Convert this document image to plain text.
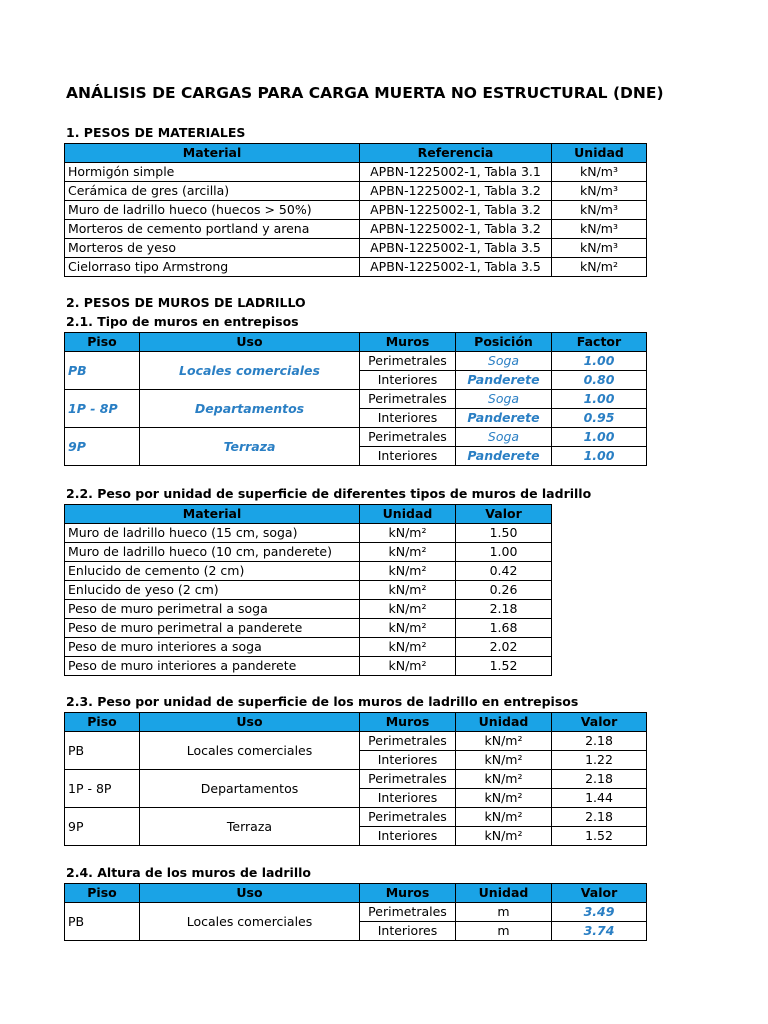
ANÁLISIS DE CARGAS PARA CARGA MUERTA NO ESTRUCTURAL (DNE)
1. PESOS DE MATERIALES
Material	Referencia	Unidad
Hormigón simple	APBN-1225002-1, Tabla 3.1	kN/m³
Cerámica de gres (arcilla)	APBN-1225002-1, Tabla 3.2	kN/m³
Muro de ladrillo hueco (huecos > 50%)	APBN-1225002-1, Tabla 3.2	kN/m³
Morteros de cemento portland y arena	APBN-1225002-1, Tabla 3.2	kN/m³
Morteros de yeso	APBN-1225002-1, Tabla 3.5	kN/m³
Cielorraso tipo Armstrong	APBN-1225002-1, Tabla 3.5	kN/m²
2. PESOS DE MUROS DE LADRILLO
2.1. Tipo de muros en entrepisos
Piso	Uso	Muros	Posición	Factor
PB	Locales comerciales	Perimetrales	Soga	1.00
		Interiores	Panderete	0.80
1P - 8P	Departamentos	Perimetrales	Soga	1.00
		Interiores	Panderete	0.95
9P	Terraza	Perimetrales	Soga	1.00
		Interiores	Panderete	1.00
2.2. Peso por unidad de superficie de diferentes tipos de muros de ladrillo
Material	Unidad	Valor
Muro de ladrillo hueco (15 cm, soga)	kN/m²	1.50
Muro de ladrillo hueco (10 cm, panderete)	kN/m²	1.00
Enlucido de cemento (2 cm)	kN/m²	0.42
Enlucido de yeso (2 cm)	kN/m²	0.26
Peso de muro perimetral a soga	kN/m²	2.18
Peso de muro perimetral a panderete	kN/m²	1.68
Peso de muro interiores a soga	kN/m²	2.02
Peso de muro interiores a panderete	kN/m²	1.52
2.3. Peso por unidad de superficie de los muros de ladrillo en entrepisos
Piso	Uso	Muros	Unidad	Valor
PB	Locales comerciales	Perimetrales	kN/m²	2.18
		Interiores	kN/m²	1.22
1P - 8P	Departamentos	Perimetrales	kN/m²	2.18
		Interiores	kN/m²	1.44
9P	Terraza	Perimetrales	kN/m²	2.18
		Interiores	kN/m²	1.52
2.4. Altura de los muros de ladrillo
Piso	Uso	Muros	Unidad	Valor
PB	Locales comerciales	Perimetrales	m	3.49
		Interiores	m	3.74
